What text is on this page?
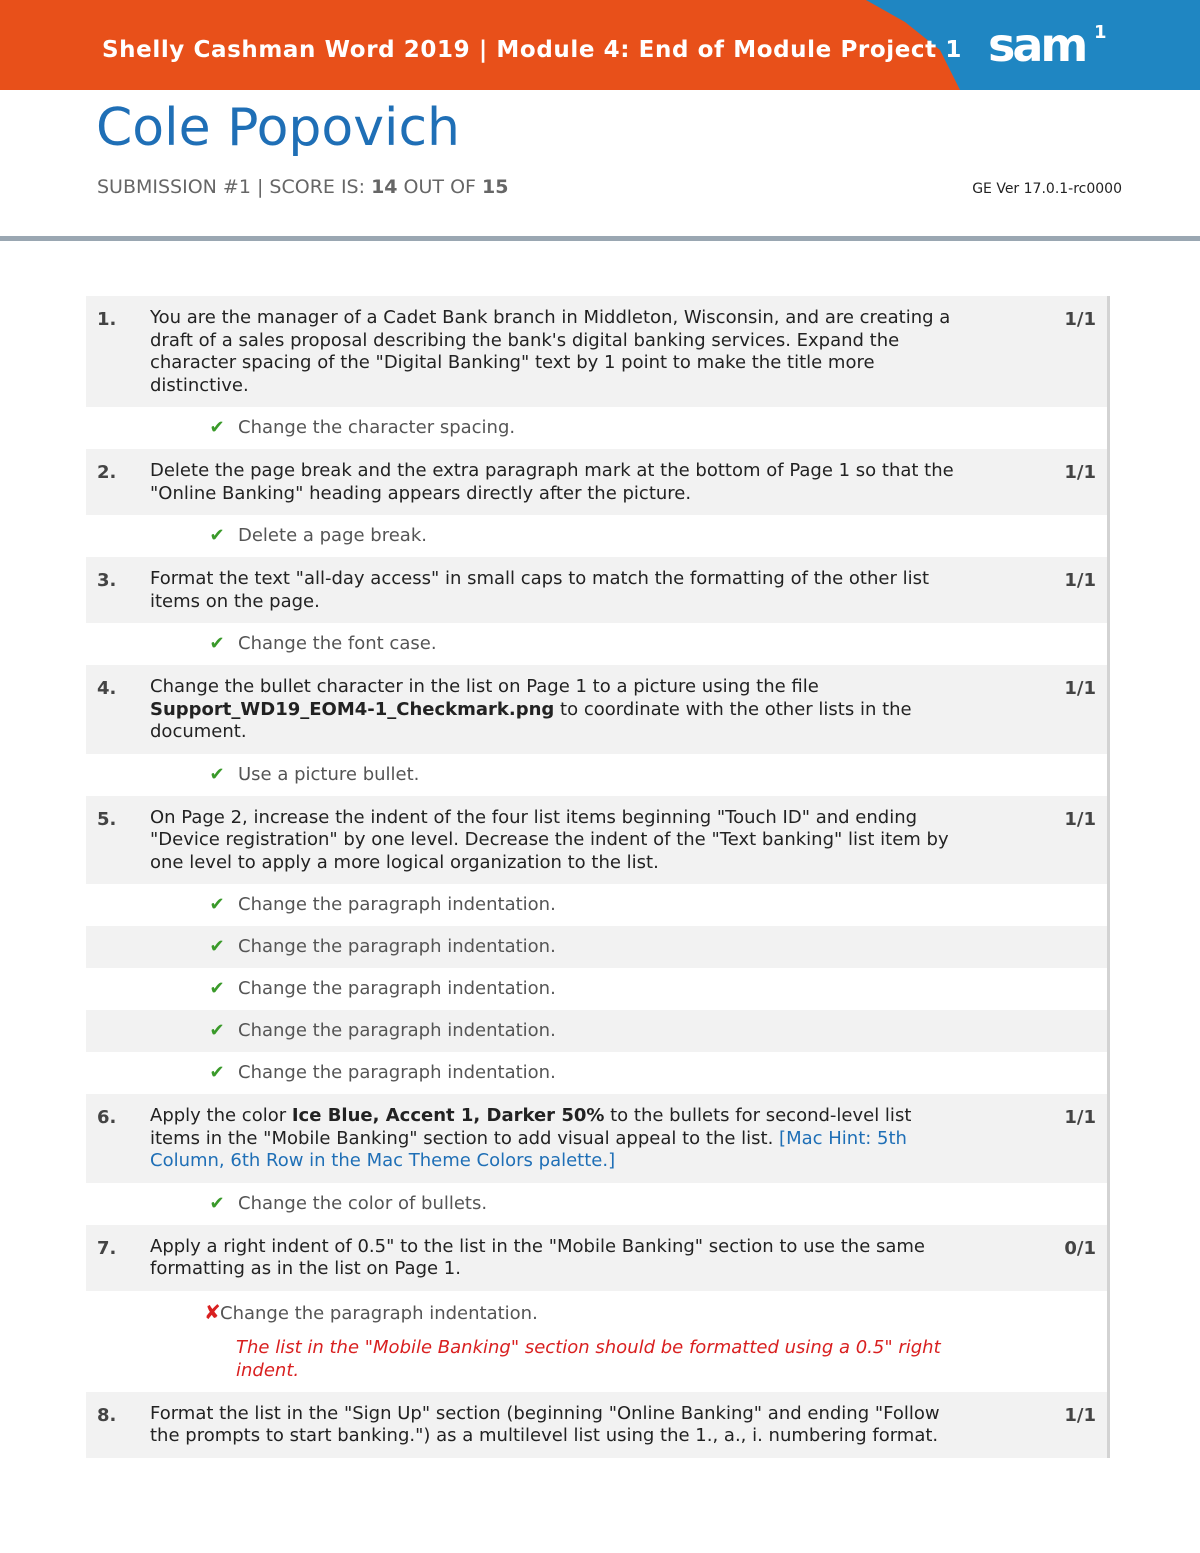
Shelly Cashman Word 2019 | Module 4: End of Module Project 1 sam 1
Cole Popovich
SUBMISSION #1 | SCORE IS: 14 OUT OF 15	GE Ver 17.0.1-rc0000
1. You are the manager of a Cadet Bank branch in Middleton, Wisconsin, and are creating a draft of a sales proposal describing the bank's digital banking services. Expand the character spacing of the "Digital Banking" text by 1 point to make the title more distinctive.
1/1
✔ Change the character spacing.
2. Delete the page break and the extra paragraph mark at the bottom of Page 1 so that the "Online Banking" heading appears directly after the picture.
1/1
✔ Delete a page break.
3. Format the text "all-day access" in small caps to match the formatting of the other list items on the page.
1/1
✔ Change the font case.
4. Change the bullet character in the list on Page 1 to a picture using the file Support_WD19_EOM4-1_Checkmark.png to coordinate with the other lists in the document.
1/1
✔ Use a picture bullet.
5. On Page 2, increase the indent of the four list items beginning "Touch ID" and ending "Device registration" by one level. Decrease the indent of the "Text banking" list item by one level to apply a more logical organization to the list.
1/1
✔ Change the paragraph indentation.
✔ Change the paragraph indentation.
✔ Change the paragraph indentation.
✔ Change the paragraph indentation.
✔ Change the paragraph indentation.
6. Apply the color Ice Blue, Accent 1, Darker 50% to the bullets for second-level list items in the "Mobile Banking" section to add visual appeal to the list. [Mac Hint: 5th Column, 6th Row in the Mac Theme Colors palette.]
1/1
✔ Change the color of bullets.
7. Apply a right indent of 0.5" to the list in the "Mobile Banking" section to use the same formatting as in the list on Page 1.
0/1
✘Change the paragraph indentation.
The list in the "Mobile Banking" section should be formatted using a 0.5" right indent.
8. Format the list in the "Sign Up" section (beginning "Online Banking" and ending "Follow the prompts to start banking.") as a multilevel list using the 1., a., i. numbering format.
1/1
